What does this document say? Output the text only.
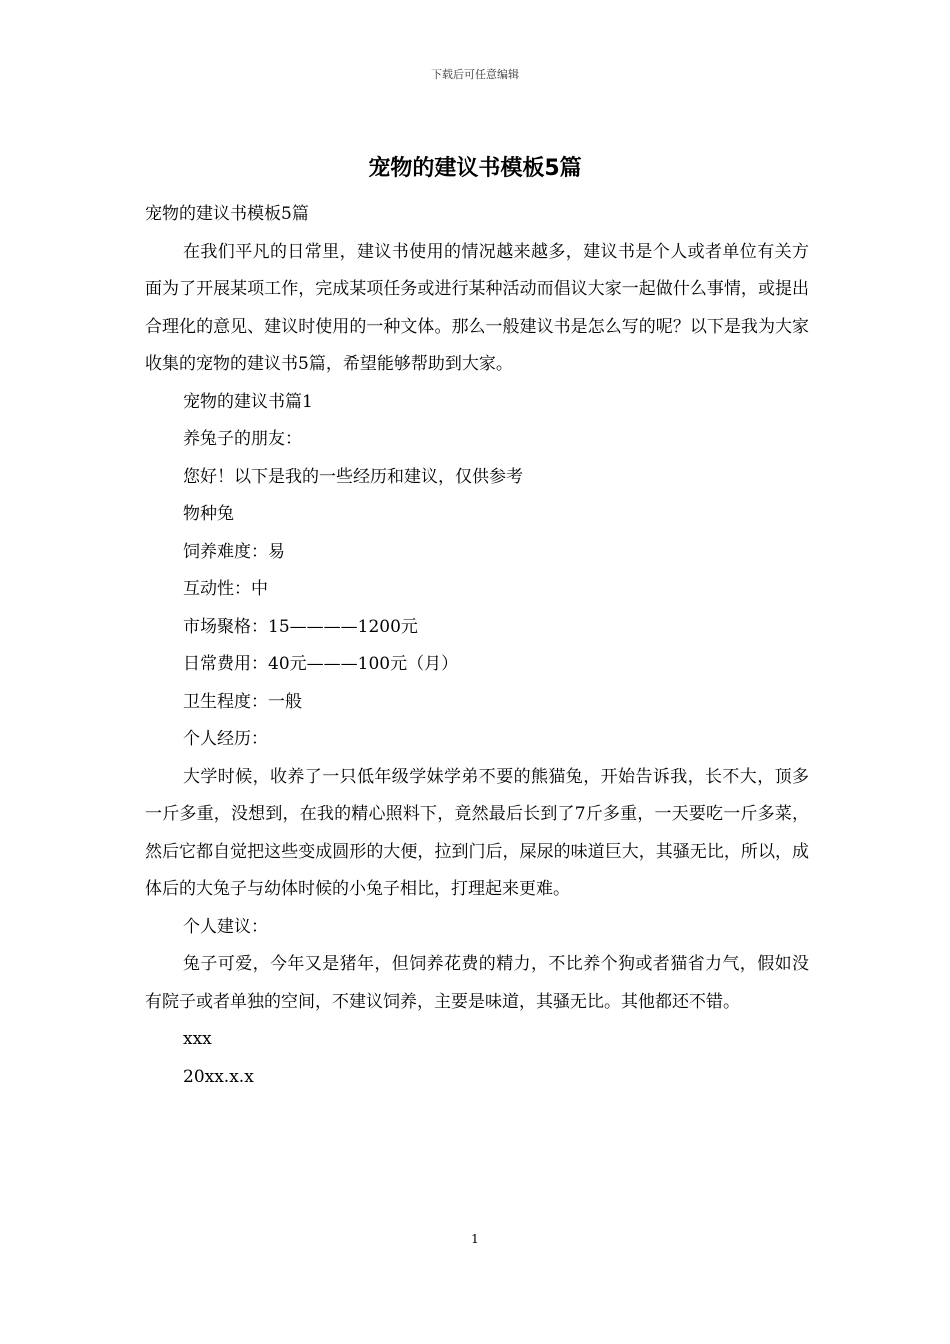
下载后可任意编辑
宠物的建议书模板5篇

宠物的建议书模板5篇

在我们平凡的日常里，建议书使用的情况越来越多，建议书是个人或者单位有关方面为了开展某项工作，完成某项任务或进行某种活动而倡议大家一起做什么事情，或提出合理化的意见、建议时使用的一种文体。那么一般建议书是怎么写的呢？以下是我为大家收集的宠物的建议书5篇，希望能够帮助到大家。

宠物的建议书篇1

养兔子的朋友：

您好！以下是我的一些经历和建议，仅供参考

物种兔

饲养难度：易

互动性：中

市场聚格：15————1200元

日常费用：40元———100元（月）

卫生程度：一般

个人经历：

大学时候，收养了一只低年级学妹学弟不要的熊猫兔，开始告诉我，长不大，顶多一斤多重，没想到，在我的精心照料下，竟然最后长到了7斤多重，一天要吃一斤多菜，然后它都自觉把这些变成圆形的大便，拉到门后，屎尿的味道巨大，其骚无比，所以，成体后的大兔子与幼体时候的小兔子相比，打理起来更难。

个人建议：

兔子可爱，今年又是猪年，但饲养花费的精力，不比养个狗或者猫省力气，假如没有院子或者单独的空间，不建议饲养，主要是味道，其骚无比。其他都还不错。

xxx

20xx.x.x

1
